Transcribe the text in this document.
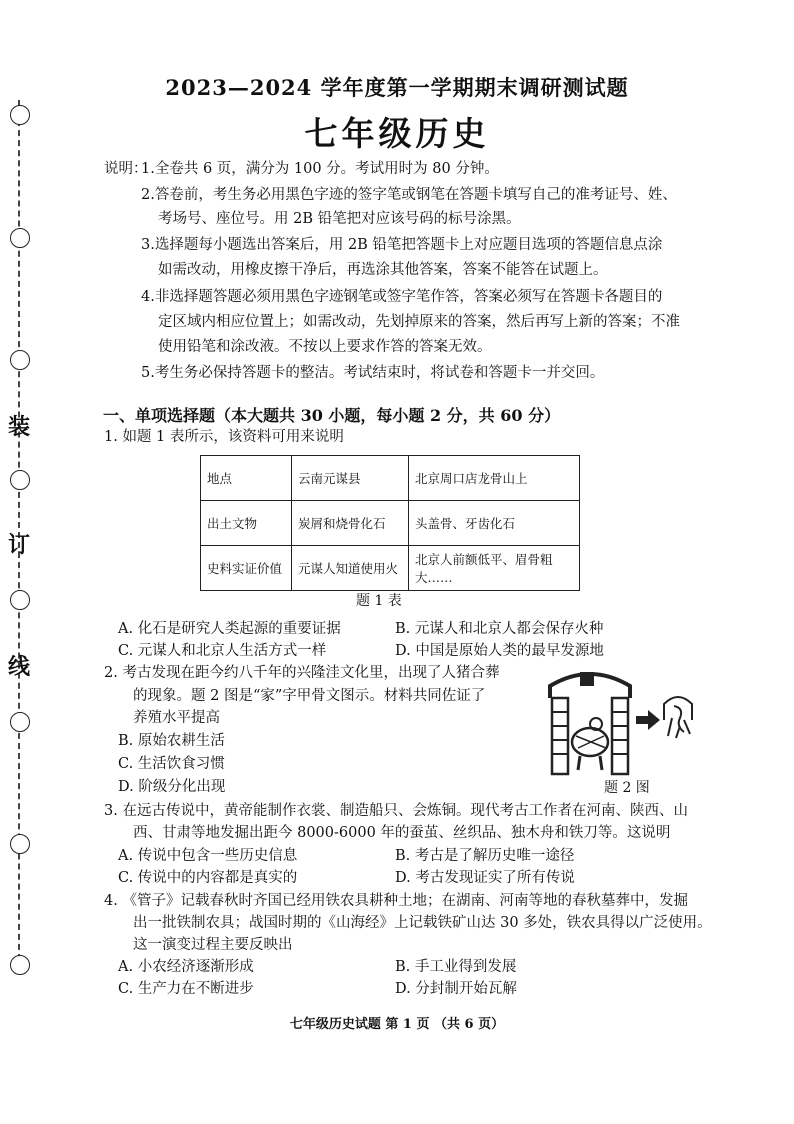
装
订
线
2023—2024 学年度第一学期期末调研测试题
七年级历史
说明：
1.全卷共 6 页，满分为 100 分。考试用时为 80 分钟。
2.答卷前，考生务必用黑色字迹的签字笔或钢笔在答题卡填写自己的准考证号、姓、
考场号、座位号。用 2B 铅笔把对应该号码的标号涂黑。
3.选择题每小题选出答案后，用 2B 铅笔把答题卡上对应题目选项的答题信息点涂
如需改动，用橡皮擦干净后，再选涂其他答案，答案不能答在试题上。
4.非选择题答题必须用黑色字迹钢笔或签字笔作答，答案必须写在答题卡各题目的
定区域内相应位置上；如需改动，先划掉原来的答案，然后再写上新的答案；不准
使用铅笔和涂改液。不按以上要求作答的答案无效。
5.考生务必保持答题卡的整洁。考试结束时，将试卷和答题卡一并交回。
一、单项选择题（本大题共 30 小题，每小题 2 分，共 60 分）
1. 如题 1 表所示，该资料可用来说明
地点	云南元谋县	北京周口店龙骨山上
出土文物	炭屑和烧骨化石	头盖骨、牙齿化石
史料实证价值	元谋人知道使用火	北京人前额低平、眉骨粗大……
题 1 表
A. 化石是研究人类起源的重要证据	B. 元谋人和北京人都会保存火种
C. 元谋人和北京人生活方式一样	D. 中国是原始人类的最早发源地
2. 考古发现在距今约八千年的兴隆洼文化里，出现了人猪合葬
的现象。题 2 图是“家”字甲骨文图示。材料共同佐证了
养殖水平提高
B. 原始农耕生活
C. 生活饮食习惯
D. 阶级分化出现	题 2 图
3. 在远古传说中，黄帝能制作衣裳、制造船只、会炼铜。现代考古工作者在河南、陕西、山
西、甘肃等地发掘出距今 8000-6000 年的蚕茧、丝织品、独木舟和铁刀等。这说明
A. 传说中包含一些历史信息	B. 考古是了解历史唯一途径
C. 传说中的内容都是真实的	D. 考古发现证实了所有传说
4. 《管子》记载春秋时齐国已经用铁农具耕种土地；在湖南、河南等地的春秋墓葬中，发掘
出一批铁制农具；战国时期的《山海经》上记载铁矿山达 30 多处，铁农具得以广泛使用。
这一演变过程主要反映出
A. 小农经济逐渐形成	B. 手工业得到发展
C. 生产力在不断进步	D. 分封制开始瓦解
七年级历史试题 第 1 页 （共 6 页）
